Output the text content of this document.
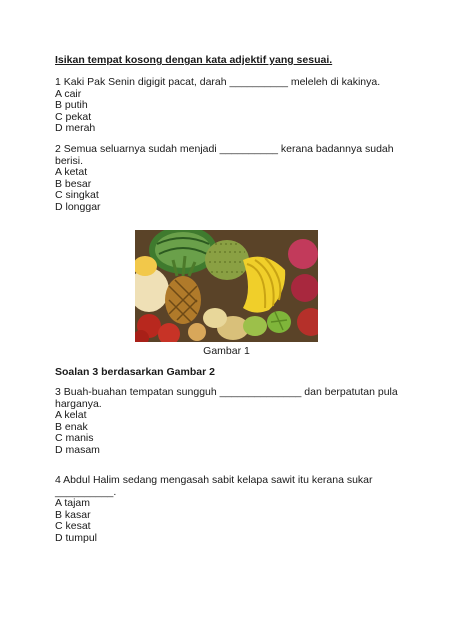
Isikan tempat kosong dengan kata adjektif yang sesuai.

1 Kaki Pak Senin digigit pacat, darah __________ meleleh di kakinya.

A cair
B putih
C pekat
D merah

2 Semua seluarnya sudah menjadi __________ kerana badannya sudah berisi.

A ketat
B besar
C singkat
D longgar
Gambar 1

Soalan 3 berdasarkan Gambar 2

3 Buah-buahan tempatan sungguh ______________ dan berpatutan pula harganya.

A kelat
B enak
C manis
D masam

4 Abdul Halim sedang mengasah sabit kelapa sawit itu kerana sukar __________.

A tajam
B kasar
C kesat
D tumpul
